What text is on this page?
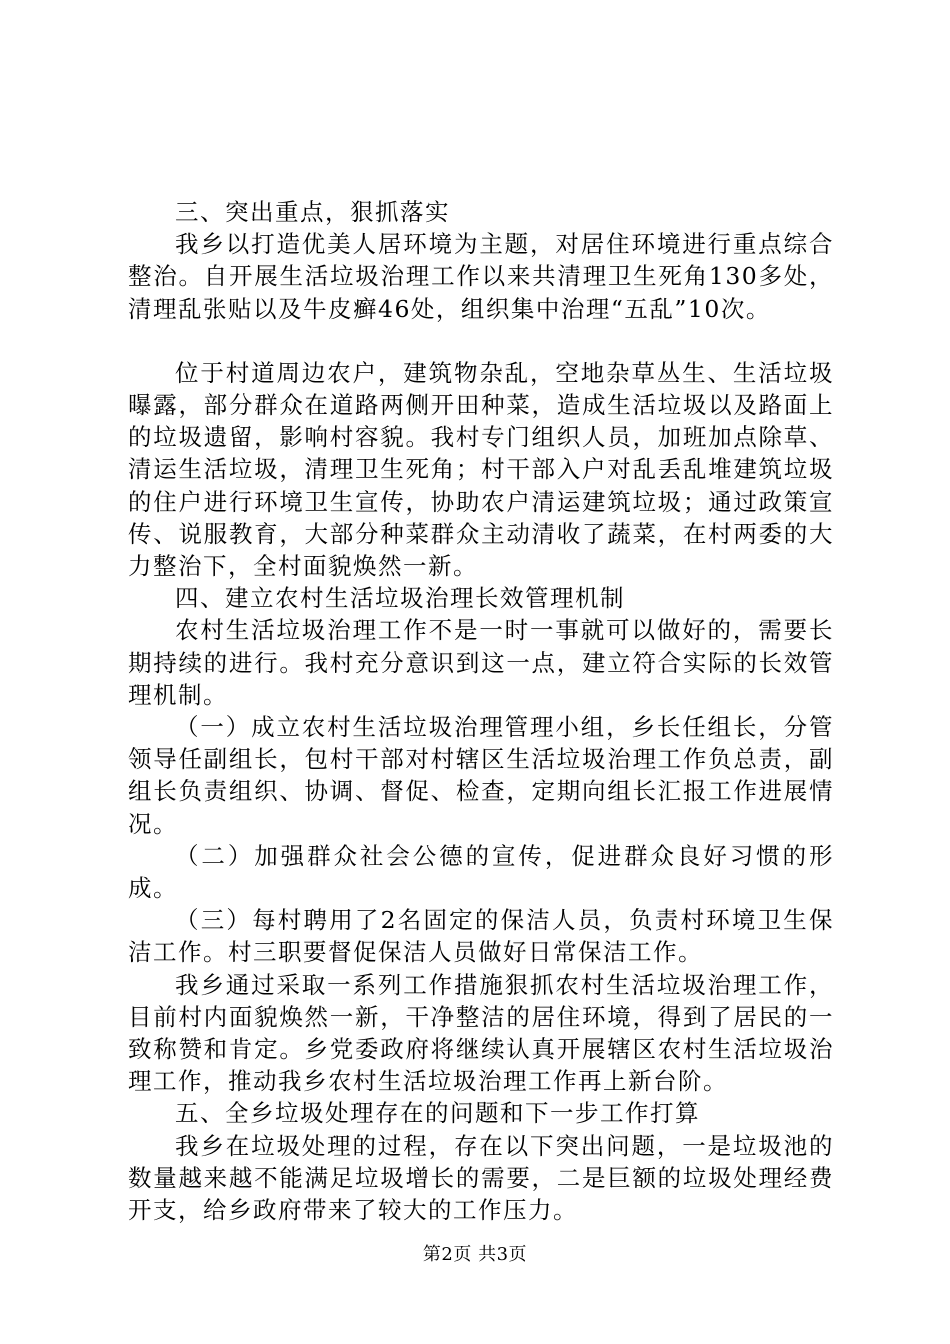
三、突出重点，狠抓落实

我乡以打造优美人居环境为主题，对居住环境进行重点综合整治。自开展生活垃圾治理工作以来共清理卫生死角130多处，清理乱张贴以及牛皮癣46处，组织集中治理“五乱”10次。

位于村道周边农户，建筑物杂乱，空地杂草丛生、生活垃圾曝露，部分群众在道路两侧开田种菜，造成生活垃圾以及路面上的垃圾遗留，影响村容貌。我村专门组织人员，加班加点除草、清运生活垃圾，清理卫生死角；村干部入户对乱丢乱堆建筑垃圾的住户进行环境卫生宣传，协助农户清运建筑垃圾；通过政策宣传、说服教育，大部分种菜群众主动清收了蔬菜，在村两委的大力整治下，全村面貌焕然一新。

四、建立农村生活垃圾治理长效管理机制

农村生活垃圾治理工作不是一时一事就可以做好的，需要长期持续的进行。我村充分意识到这一点，建立符合实际的长效管理机制。

（一）成立农村生活垃圾治理管理小组，乡长任组长，分管领导任副组长，包村干部对村辖区生活垃圾治理工作负总责，副组长负责组织、协调、督促、检查，定期向组长汇报工作进展情况。

（二）加强群众社会公德的宣传，促进群众良好习惯的形成。

（三）每村聘用了2名固定的保洁人员，负责村环境卫生保洁工作。村三职要督促保洁人员做好日常保洁工作。

我乡通过采取一系列工作措施狠抓农村生活垃圾治理工作，目前村内面貌焕然一新，干净整洁的居住环境，得到了居民的一致称赞和肯定。乡党委政府将继续认真开展辖区农村生活垃圾治理工作，推动我乡农村生活垃圾治理工作再上新台阶。

五、全乡垃圾处理存在的问题和下一步工作打算

我乡在垃圾处理的过程，存在以下突出问题，一是垃圾池的数量越来越不能满足垃圾增长的需要，二是巨额的垃圾处理经费开支，给乡政府带来了较大的工作压力。

第2页 共3页
